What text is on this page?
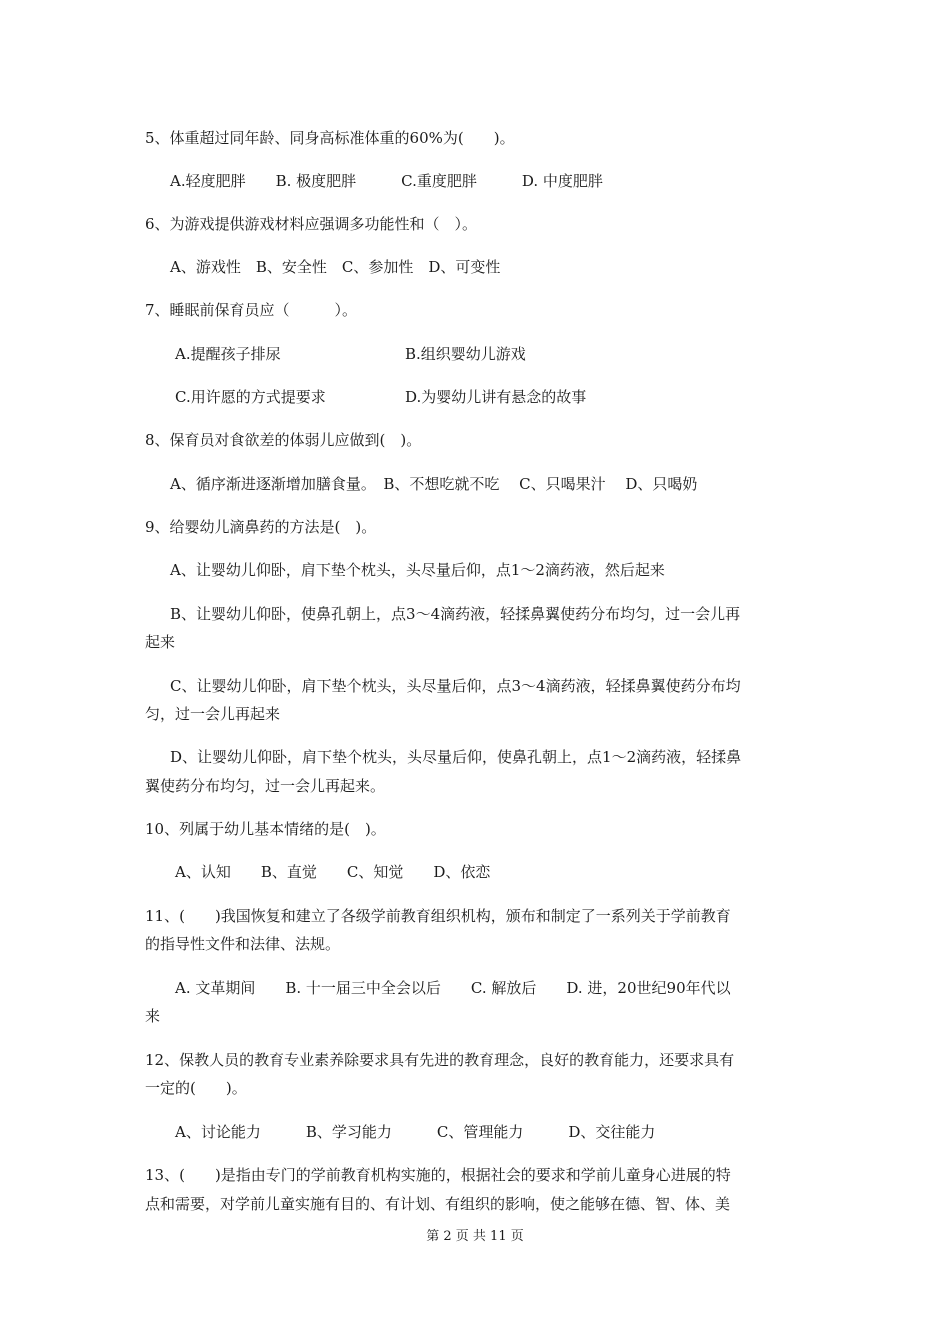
5、体重超过同年龄、同身高标准体重的60%为(　　)。
A.轻度肥胖　　B. 极度肥胖　　　C.重度肥胖　　　D. 中度肥胖
6、为游戏提供游戏材料应强调多功能性和（　）。
A、游戏性　B、安全性　C、参加性　D、可变性
7、睡眠前保育员应（　　　）。
A.提醒孩子排尿	B.组织婴幼儿游戏
C.用许愿的方式提要求	D.为婴幼儿讲有悬念的故事
8、保育员对食欲差的体弱儿应做到(　)。
A、循序渐进逐渐增加膳食量。　B、不想吃就不吃　 C、只喝果汁　 D、只喝奶
9、给婴幼儿滴鼻药的方法是(　)。
A、让婴幼儿仰卧，肩下垫个枕头，头尽量后仰，点1～2滴药液，然后起来
B、让婴幼儿仰卧，使鼻孔朝上，点3～4滴药液，轻揉鼻翼使药分布均匀，过一会儿再
起来
C、让婴幼儿仰卧，肩下垫个枕头，头尽量后仰，点3～4滴药液，轻揉鼻翼使药分布均
匀，过一会儿再起来
D、让婴幼儿仰卧，肩下垫个枕头，头尽量后仰，使鼻孔朝上，点1～2滴药液，轻揉鼻
翼使药分布均匀，过一会儿再起来。
10、列属于幼儿基本情绪的是(　)。
A、认知　　B、直觉　　C、知觉　　D、依恋
11、(　　)我国恢复和建立了各级学前教育组织机构，颁布和制定了一系列关于学前教育
的指导性文件和法律、法规。
A. 文革期间　　B. 十一届三中全会以后　　C. 解放后　　D. 进，20世纪90年代以
来
12、保教人员的教育专业素养除要求具有先进的教育理念，良好的教育能力，还要求具有
一定的(　　)。
A、讨论能力　　　B、学习能力　　　C、管理能力　　　D、交往能力
13、(　　)是指由专门的学前教育机构实施的，根据社会的要求和学前儿童身心进展的特
点和需要，对学前儿童实施有目的、有计划、有组织的影响，使之能够在德、智、体、美
第 2 页 共 11 页
